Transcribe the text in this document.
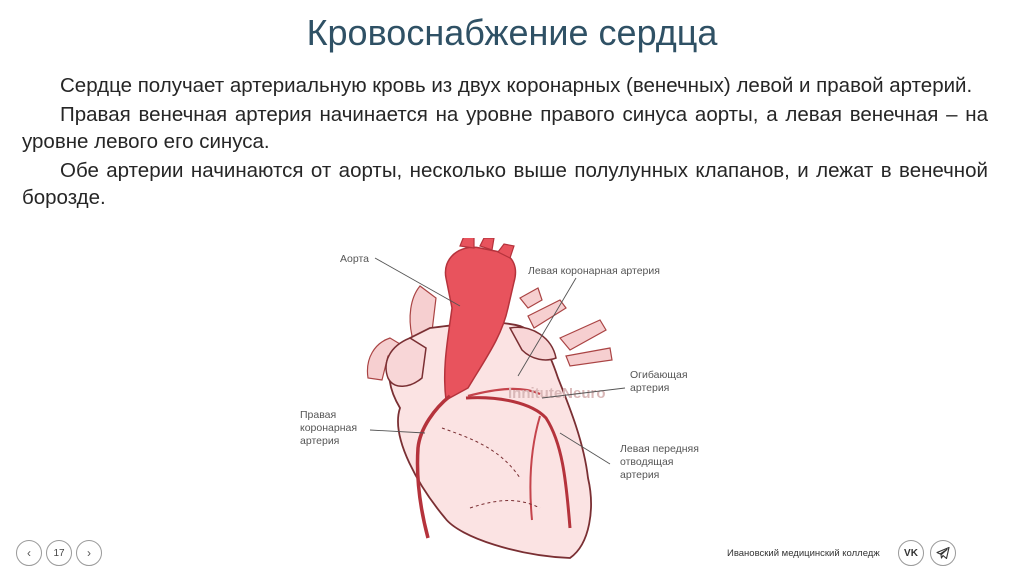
Кровоснабжение сердца

Сердце получает артериальную кровь из двух коронарных (венечных) левой и правой артерий.

Правая венечная артерия начинается на уровне правого синуса аорты, а левая венечная – на уровне левого его синуса.

Обе артерии начинаются от аорты, несколько выше полулунных клапанов, и лежат в венечной борозде.

InnituteNeuro
Аорта
Левая коронарная артерия
Огибающая
артерия
Правая
коронарная
артерия
Левая передняя
отводящая
артерия
‹ 17 ›	Ивановский медицинский колледж VK
